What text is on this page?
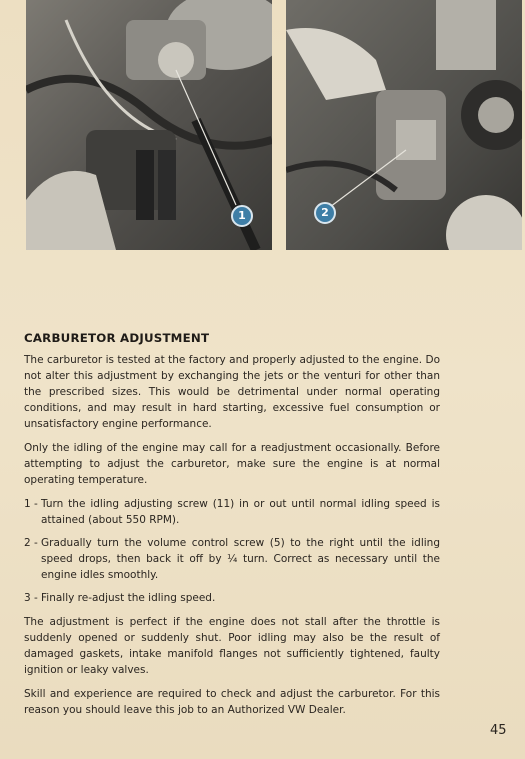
1	2
CARBURETOR ADJUSTMENT

The carburetor is tested at the factory and properly adjusted to the engine. Do not alter this adjustment by exchanging the jets or the venturi for other than the prescribed sizes. This would be detrimental under normal operating conditions, and may result in hard starting, excessive fuel consumption or unsatisfactory engine performance.

Only the idling of the engine may call for a readjustment occasionally. Before attempting to adjust the carburetor, make sure the engine is at normal operating temperature.

1 - Turn the idling adjusting screw (11) in or out until normal idling speed is attained (about 550 RPM).
2 - Gradually turn the volume control screw (5) to the right until the idling speed drops, then back it off by ¼ turn. Correct as necessary until the engine idles smoothly.
3 - Finally re-adjust the idling speed.

The adjustment is perfect if the engine does not stall after the throttle is suddenly opened or suddenly shut. Poor idling may also be the result of damaged gaskets, intake manifold flanges not sufficiently tightened, faulty ignition or leaky valves.

Skill and experience are required to check and adjust the carburetor. For this reason you should leave this job to an Authorized VW Dealer.

45
